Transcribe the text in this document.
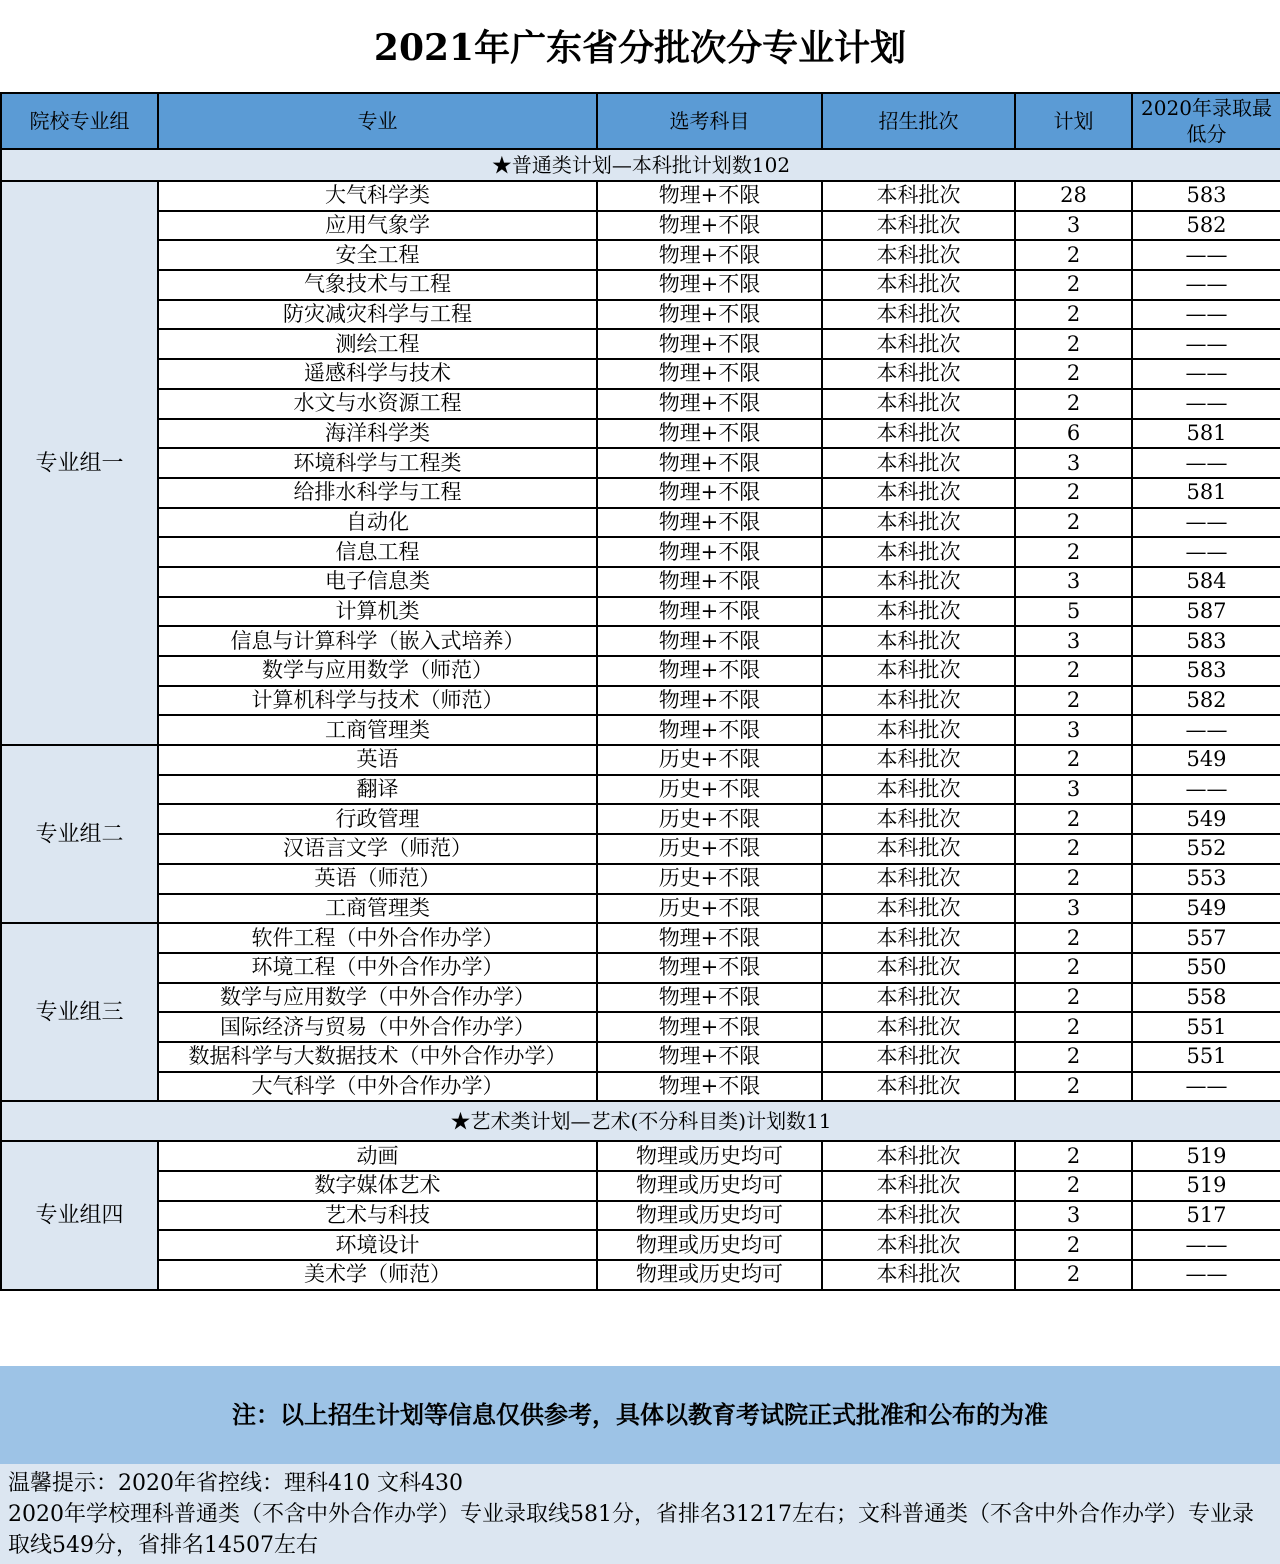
2021年广东省分批次分专业计划
院校专业组	专业	选考科目	招生批次	计划	2020年录取最低分
★普通类计划—本科批计划数102					
专业组一	大气科学类	物理+不限	本科批次	28	583
	应用气象学	物理+不限	本科批次	3	582
	安全工程	物理+不限	本科批次	2	——
	气象技术与工程	物理+不限	本科批次	2	——
	防灾减灾科学与工程	物理+不限	本科批次	2	——
	测绘工程	物理+不限	本科批次	2	——
	遥感科学与技术	物理+不限	本科批次	2	——
	水文与水资源工程	物理+不限	本科批次	2	——
	海洋科学类	物理+不限	本科批次	6	581
	环境科学与工程类	物理+不限	本科批次	3	——
	给排水科学与工程	物理+不限	本科批次	2	581
	自动化	物理+不限	本科批次	2	——
	信息工程	物理+不限	本科批次	2	——
	电子信息类	物理+不限	本科批次	3	584
	计算机类	物理+不限	本科批次	5	587
	信息与计算科学（嵌入式培养）	物理+不限	本科批次	3	583
	数学与应用数学（师范）	物理+不限	本科批次	2	583
	计算机科学与技术（师范）	物理+不限	本科批次	2	582
	工商管理类	物理+不限	本科批次	3	——
专业组二	英语	历史+不限	本科批次	2	549
	翻译	历史+不限	本科批次	3	——
	行政管理	历史+不限	本科批次	2	549
	汉语言文学（师范）	历史+不限	本科批次	2	552
	英语（师范）	历史+不限	本科批次	2	553
	工商管理类	历史+不限	本科批次	3	549
专业组三	软件工程（中外合作办学）	物理+不限	本科批次	2	557
	环境工程（中外合作办学）	物理+不限	本科批次	2	550
	数学与应用数学（中外合作办学）	物理+不限	本科批次	2	558
	国际经济与贸易（中外合作办学）	物理+不限	本科批次	2	551
	数据科学与大数据技术（中外合作办学）	物理+不限	本科批次	2	551
	大气科学（中外合作办学）	物理+不限	本科批次	2	——
★艺术类计划—艺术(不分科目类)计划数11					
专业组四	动画	物理或历史均可	本科批次	2	519
	数字媒体艺术	物理或历史均可	本科批次	2	519
	艺术与科技	物理或历史均可	本科批次	3	517
	环境设计	物理或历史均可	本科批次	2	——
	美术学（师范）	物理或历史均可	本科批次	2	——
注：以上招生计划等信息仅供参考，具体以教育考试院正式批准和公布的为准
温馨提示：2020年省控线：理科410 文科430
2020年学校理科普通类（不含中外合作办学）专业录取线581分，省排名31217左右；文科普通类（不含中外合作办学）专业录取线549分，省排名14507左右
